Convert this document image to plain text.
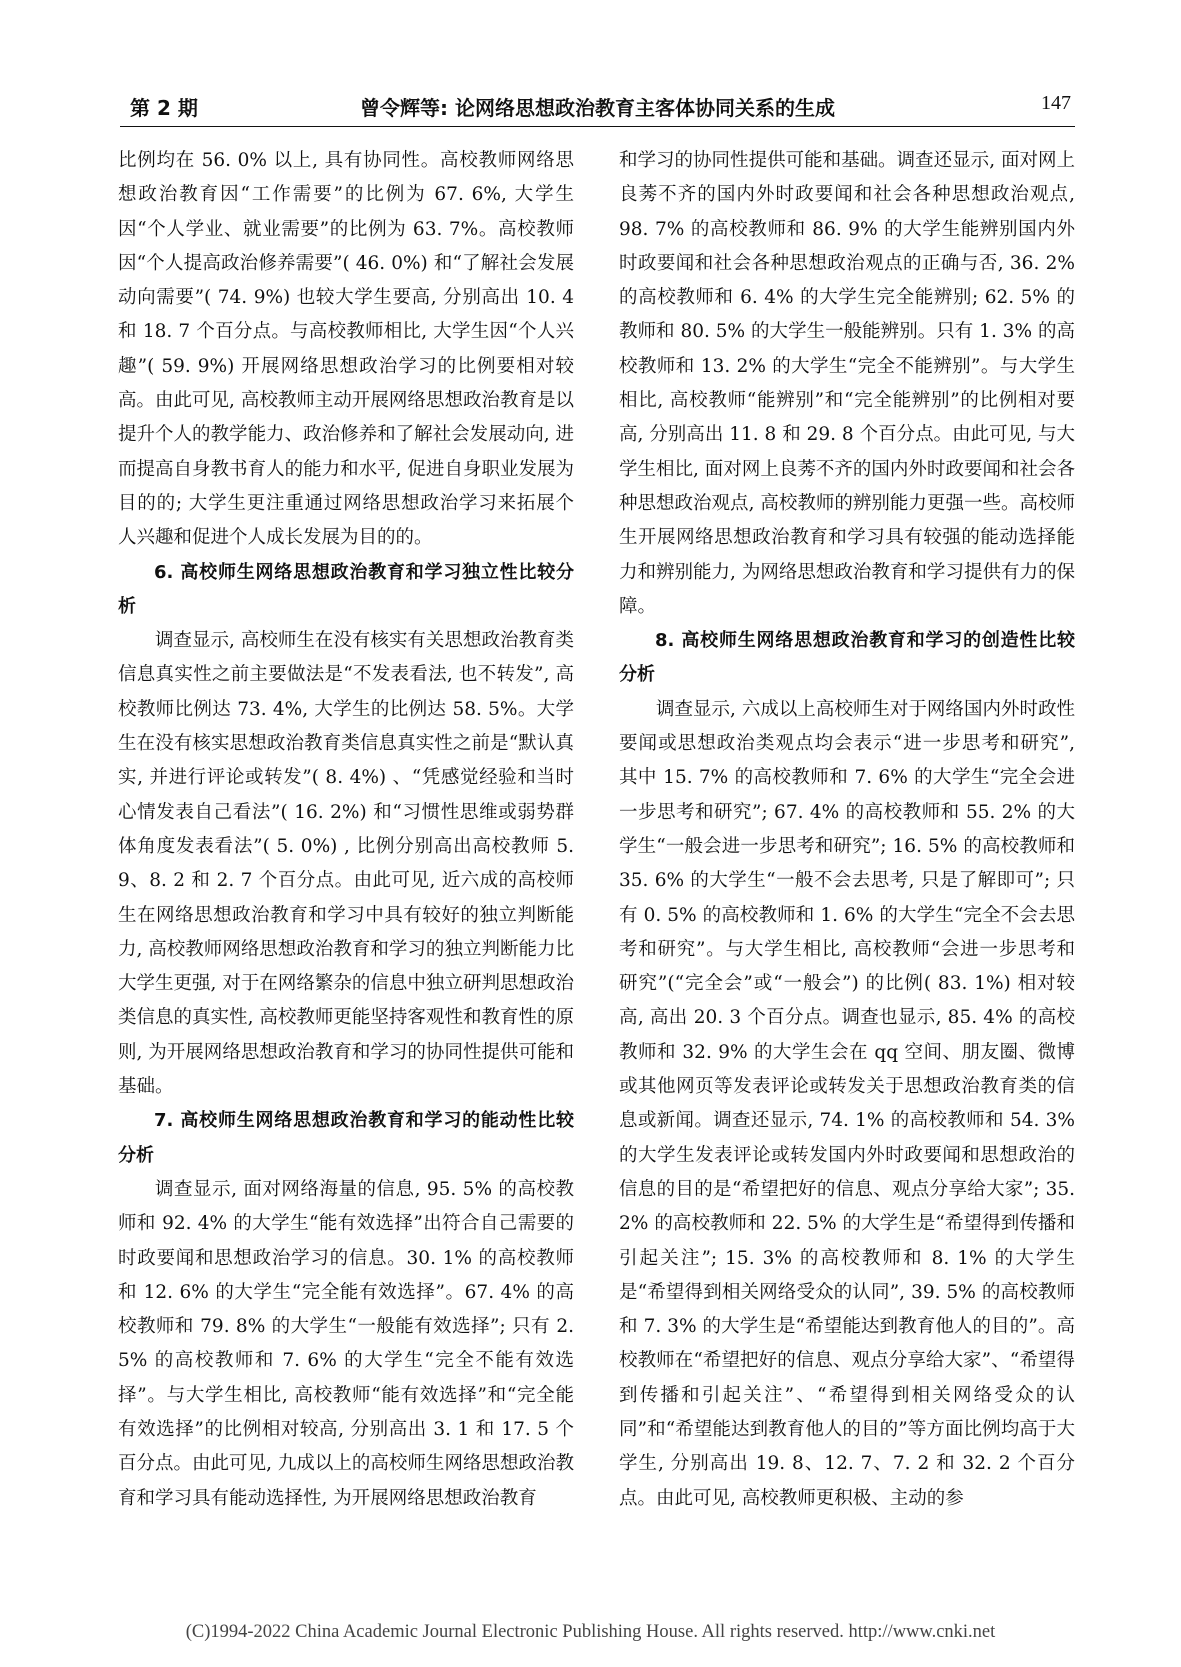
第 2 期	曾令辉等: 论网络思想政治教育主客体协同关系的生成	147

比例均在 56. 0% 以上, 具有协同性。高校教师网络思想政治教育因“工作需要”的比例为 67. 6%, 大学生因“个人学业、就业需要”的比例为 63. 7%。高校教师因“个人提高政治修养需要”( 46. 0%) 和“了解社会发展动向需要”( 74. 9%) 也较大学生要高, 分别高出 10. 4 和 18. 7 个百分点。与高校教师相比, 大学生因“个人兴趣”( 59. 9%) 开展网络思想政治学习的比例要相对较高。由此可见, 高校教师主动开展网络思想政治教育是以提升个人的教学能力、政治修养和了解社会发展动向, 进而提高自身教书育人的能力和水平, 促进自身职业发展为目的的; 大学生更注重通过网络思想政治学习来拓展个人兴趣和促进个人成长发展为目的的。

6. 高校师生网络思想政治教育和学习独立性比较分析

调查显示, 高校师生在没有核实有关思想政治教育类信息真实性之前主要做法是“不发表看法, 也不转发”, 高校教师比例达 73. 4%, 大学生的比例达 58. 5%。大学生在没有核实思想政治教育类信息真实性之前是“默认真实, 并进行评论或转发”( 8. 4%) 、“凭感觉经验和当时心情发表自己看法”( 16. 2%) 和“习惯性思维或弱势群体角度发表看法”( 5. 0%) , 比例分别高出高校教师 5. 9、8. 2 和 2. 7 个百分点。由此可见, 近六成的高校师生在网络思想政治教育和学习中具有较好的独立判断能力, 高校教师网络思想政治教育和学习的独立判断能力比大学生更强, 对于在网络繁杂的信息中独立研判思想政治类信息的真实性, 高校教师更能坚持客观性和教育性的原则, 为开展网络思想政治教育和学习的协同性提供可能和基础。

7. 高校师生网络思想政治教育和学习的能动性比较分析

调查显示, 面对网络海量的信息, 95. 5% 的高校教师和 92. 4% 的大学生“能有效选择”出符合自己需要的时政要闻和思想政治学习的信息。30. 1% 的高校教师和 12. 6% 的大学生“完全能有效选择”。67. 4% 的高校教师和 79. 8% 的大学生“一般能有效选择”; 只有 2. 5% 的高校教师和 7. 6% 的大学生“完全不能有效选择”。与大学生相比, 高校教师“能有效选择”和“完全能有效选择”的比例相对较高, 分别高出 3. 1 和 17. 5 个百分点。由此可见, 九成以上的高校师生网络思想政治教育和学习具有能动选择性, 为开展网络思想政治教育

和学习的协同性提供可能和基础。调查还显示, 面对网上良莠不齐的国内外时政要闻和社会各种思想政治观点, 98. 7% 的高校教师和 86. 9% 的大学生能辨别国内外时政要闻和社会各种思想政治观点的正确与否, 36. 2% 的高校教师和 6. 4% 的大学生完全能辨别; 62. 5% 的教师和 80. 5% 的大学生一般能辨别。只有 1. 3% 的高校教师和 13. 2% 的大学生“完全不能辨别”。与大学生相比, 高校教师“能辨别”和“完全能辨别”的比例相对要高, 分别高出 11. 8 和 29. 8 个百分点。由此可见, 与大学生相比, 面对网上良莠不齐的国内外时政要闻和社会各种思想政治观点, 高校教师的辨别能力更强一些。高校师生开展网络思想政治教育和学习具有较强的能动选择能力和辨别能力, 为网络思想政治教育和学习提供有力的保障。

8. 高校师生网络思想政治教育和学习的创造性比较分析

调查显示, 六成以上高校师生对于网络国内外时政性要闻或思想政治类观点均会表示“进一步思考和研究”, 其中 15. 7% 的高校教师和 7. 6% 的大学生“完全会进一步思考和研究”; 67. 4% 的高校教师和 55. 2% 的大学生“一般会进一步思考和研究”; 16. 5% 的高校教师和 35. 6% 的大学生“一般不会去思考, 只是了解即可”; 只有 0. 5% 的高校教师和 1. 6% 的大学生“完全不会去思考和研究”。与大学生相比, 高校教师“会进一步思考和研究”(“完全会”或“一般会”) 的比例( 83. 1%) 相对较高, 高出 20. 3 个百分点。调查也显示, 85. 4% 的高校教师和 32. 9% 的大学生会在 qq 空间、朋友圈、微博或其他网页等发表评论或转发关于思想政治教育类的信息或新闻。调查还显示, 74. 1% 的高校教师和 54. 3% 的大学生发表评论或转发国内外时政要闻和思想政治的信息的目的是“希望把好的信息、观点分享给大家”; 35. 2% 的高校教师和 22. 5% 的大学生是“希望得到传播和引起关注”; 15. 3% 的高校教师和 8. 1% 的大学生是“希望得到相关网络受众的认同”, 39. 5% 的高校教师和 7. 3% 的大学生是“希望能达到教育他人的目的”。高校教师在“希望把好的信息、观点分享给大家”、“希望得到传播和引起关注”、“希望得到相关网络受众的认同”和“希望能达到教育他人的目的”等方面比例均高于大学生, 分别高出 19. 8、12. 7、7. 2 和 32. 2 个百分点。由此可见, 高校教师更积极、主动的参

(C)1994-2022 China Academic Journal Electronic Publishing House. All rights reserved. http://www.cnki.net
